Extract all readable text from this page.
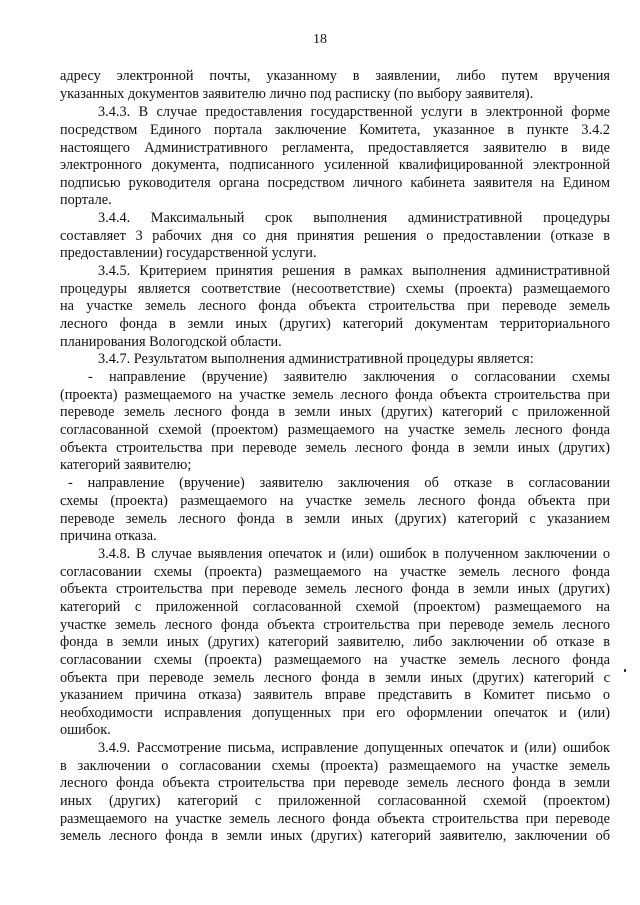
18
адресу электронной почты, указанному в заявлении, либо путем вручения
указанных документов заявителю лично под расписку (по выбору заявителя).
3.4.3. В случае предоставления государственной услуги в электронной форме
посредством Единого портала заключение Комитета, указанное в пункте 3.4.2
настоящего Административного регламента, предоставляется заявителю в виде
электронного документа, подписанного усиленной квалифицированной электронной
подписью руководителя органа посредством личного кабинета заявителя на Едином
портале.
3.4.4. Максимальный срок выполнения административной процедуры
составляет 3 рабочих дня со дня принятия решения о предоставлении (отказе в
предоставлении) государственной услуги.
3.4.5. Критерием принятия решения в рамках выполнения административной
процедуры является соответствие (несоответствие) схемы (проекта) размещаемого
на участке земель лесного фонда объекта строительства при переводе земель
лесного фонда в земли иных (других) категорий документам территориального
планирования Вологодской области.
3.4.7. Результатом выполнения административной процедуры является:
- направление (вручение) заявителю заключения о согласовании схемы
(проекта) размещаемого на участке земель лесного фонда объекта строительства при
переводе земель лесного фонда в земли иных (других) категорий с приложенной
согласованной схемой (проектом) размещаемого на участке земель лесного фонда
объекта строительства при переводе земель лесного фонда в земли иных (других)
категорий заявителю;
- направление (вручение) заявителю заключения об отказе в согласовании
схемы (проекта) размещаемого на участке земель лесного фонда объекта при
переводе земель лесного фонда в земли иных (других) категорий с указанием
причина отказа.
3.4.8. В случае выявления опечаток и (или) ошибок в полученном заключении о
согласовании схемы (проекта) размещаемого на участке земель лесного фонда
объекта строительства при переводе земель лесного фонда в земли иных (других)
категорий с приложенной согласованной схемой (проектом) размещаемого на
участке земель лесного фонда объекта строительства при переводе земель лесного
фонда в земли иных (других) категорий заявителю, либо заключении об отказе в
согласовании схемы (проекта) размещаемого на участке земель лесного фонда
объекта при переводе земель лесного фонда в земли иных (других) категорий с
указанием причина отказа) заявитель вправе представить в Комитет письмо о
необходимости исправления допущенных при его оформлении опечаток и (или)
ошибок.
3.4.9. Рассмотрение письма, исправление допущенных опечаток и (или) ошибок
в заключении о согласовании схемы (проекта) размещаемого на участке земель
лесного фонда объекта строительства при переводе земель лесного фонда в земли
иных (других) категорий с приложенной согласованной схемой (проектом)
размещаемого на участке земель лесного фонда объекта строительства при переводе
земель лесного фонда в земли иных (других) категорий заявителю, заключении об
